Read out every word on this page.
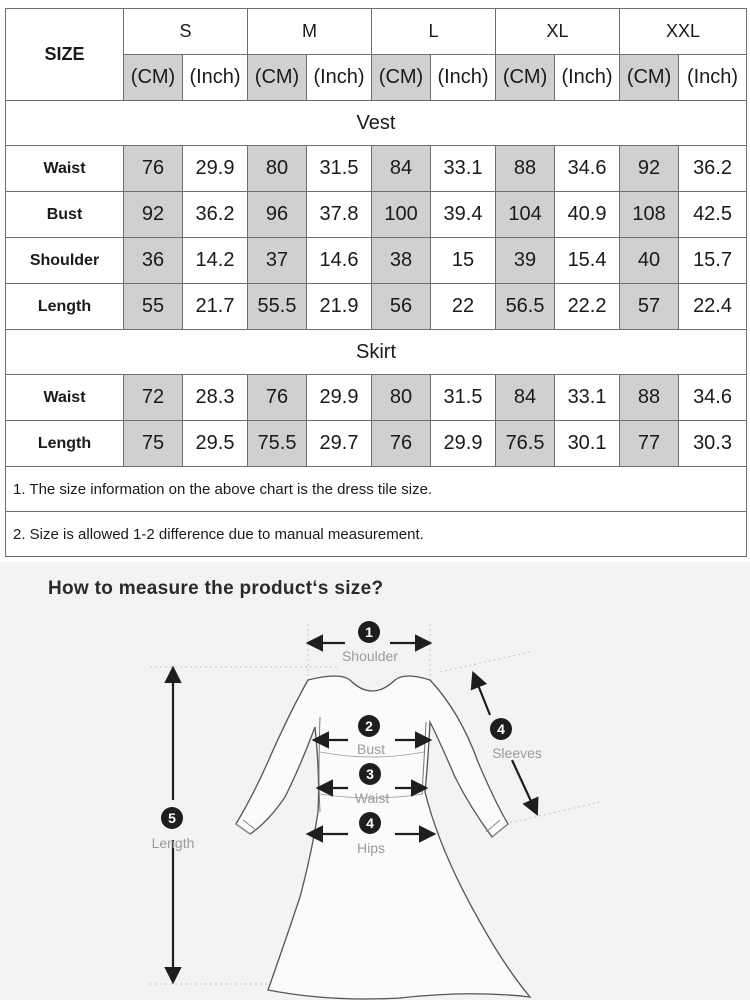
SIZE	S		M		L		XL		XXL	
	(CM)	(Inch)	(CM)	(Inch)	(CM)	(Inch)	(CM)	(Inch)	(CM)	(Inch)
Vest										
Waist	76	29.9	80	31.5	84	33.1	88	34.6	92	36.2
Bust	92	36.2	96	37.8	100	39.4	104	40.9	108	42.5
Shoulder	36	14.2	37	14.6	38	15	39	15.4	40	15.7
Length	55	21.7	55.5	21.9	56	22	56.5	22.2	57	22.4
Skirt										
Waist	72	28.3	76	29.9	80	31.5	84	33.1	88	34.6
Length	75	29.5	75.5	29.7	76	29.9	76.5	30.1	77	30.3
1. The size information on the above chart is the dress tile size.										
2. Size is allowed 1-2 difference due to manual measurement.										
How to measure the product‘s size?
1
Shoulder
2
Bust
3
Waist
4
Hips
4
Sleeves
5
Length
